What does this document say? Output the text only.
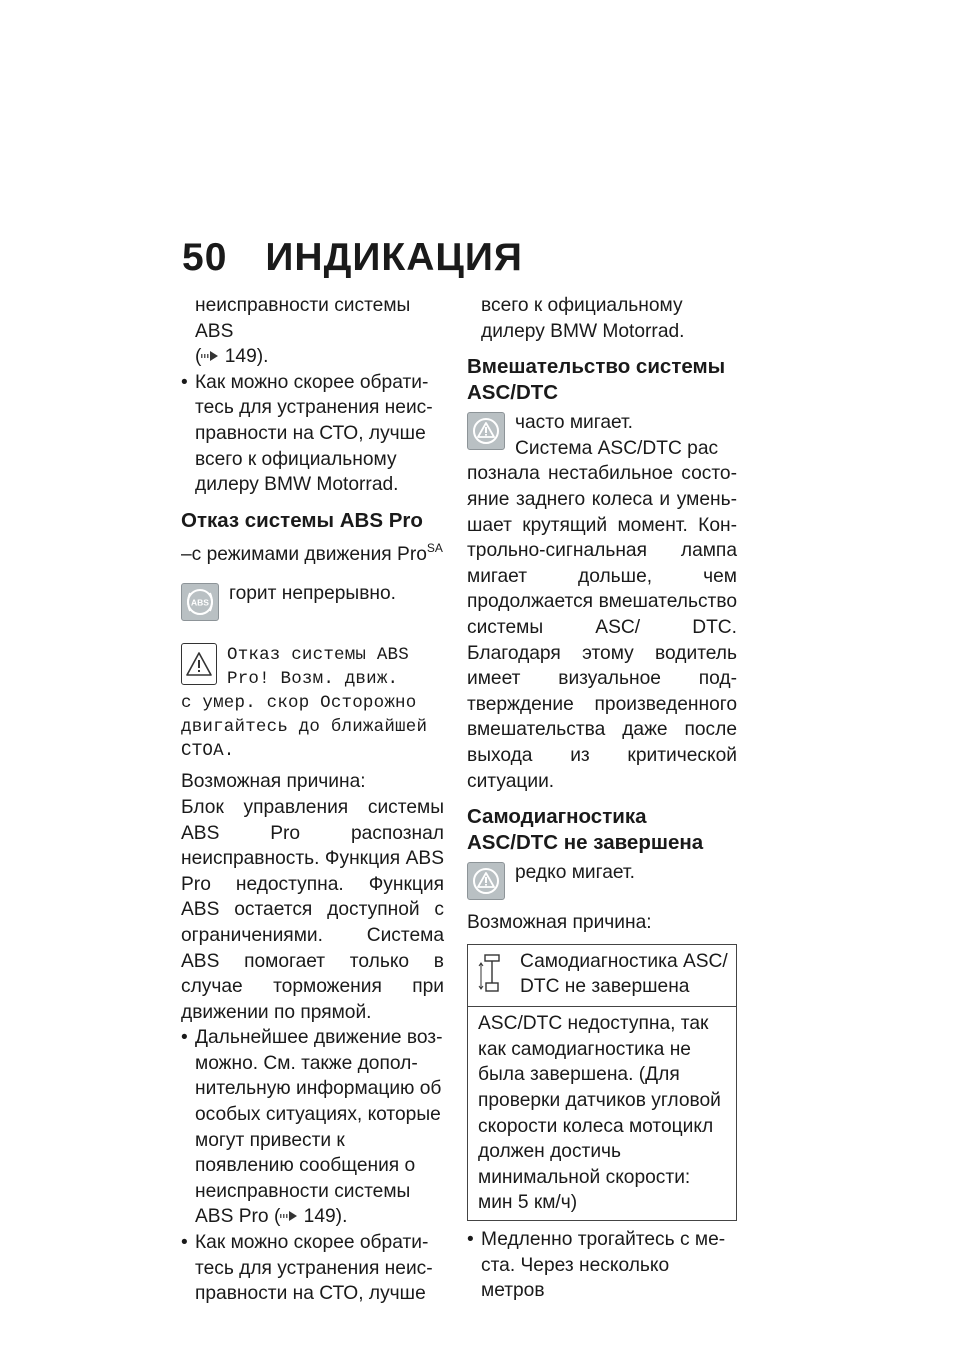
50 ИНДИКАЦИЯ

неисправности системы ABS
( 149).

• Как можно скорее обратитесь для устранения неисправности на СТО, лучше всего к официальному дилеру BMW Motorrad.

Отказ системы ABS Pro

–с режимами движения Pro$^{SA}$

ABS горит непрерывно.
Отказ системы ABS
Pro! Возм. движ.
с умер. скор Осторожно
двигайтесь до ближайшей
СТОА.

Возможная причина:

Блок управления системы ABS Pro распознал неисправность. Функция ABS Pro недоступна. Функция ABS остается доступной с ограничениями. Система ABS помогает только в случае торможения при движении по прямой.

• Дальнейшее движение возможно. См. также дополнительную информацию об особых ситуациях, которые могут привести к появлению сообщения о неисправности системы ABS Pro ( 149).

• Как можно скорее обратитесь для устранения неисправности на СТО, лучше

всего к официальному дилеру BMW Motorrad.

Вмешательство системы ASC/DTC
часто мигает.
Система ASC/DTC рас

познала нестабильное состояние заднего колеса и уменьшает крутящий момент. Контрольно-сигнальная лампа мигает дольше, чем продолжается вмешательство системы ASC/ DTC. Благодаря этому водитель имеет визуальное подтверждение произведенного вмешательства даже после выхода из критической ситуации.

Самодиагностика ASC/DTC не завершена
редко мигает.

Возможная причина:

Самодиагностика ASC/ DTC не завершена
ASC/DTC недоступна, так как самодиагностика не была завершена. (Для проверки датчиков угловой скорости колеса мотоцикл должен достичь минимальной скорости: мин 5 км/ч)

• Медленно трогайтесь с места. Через несколько метров
